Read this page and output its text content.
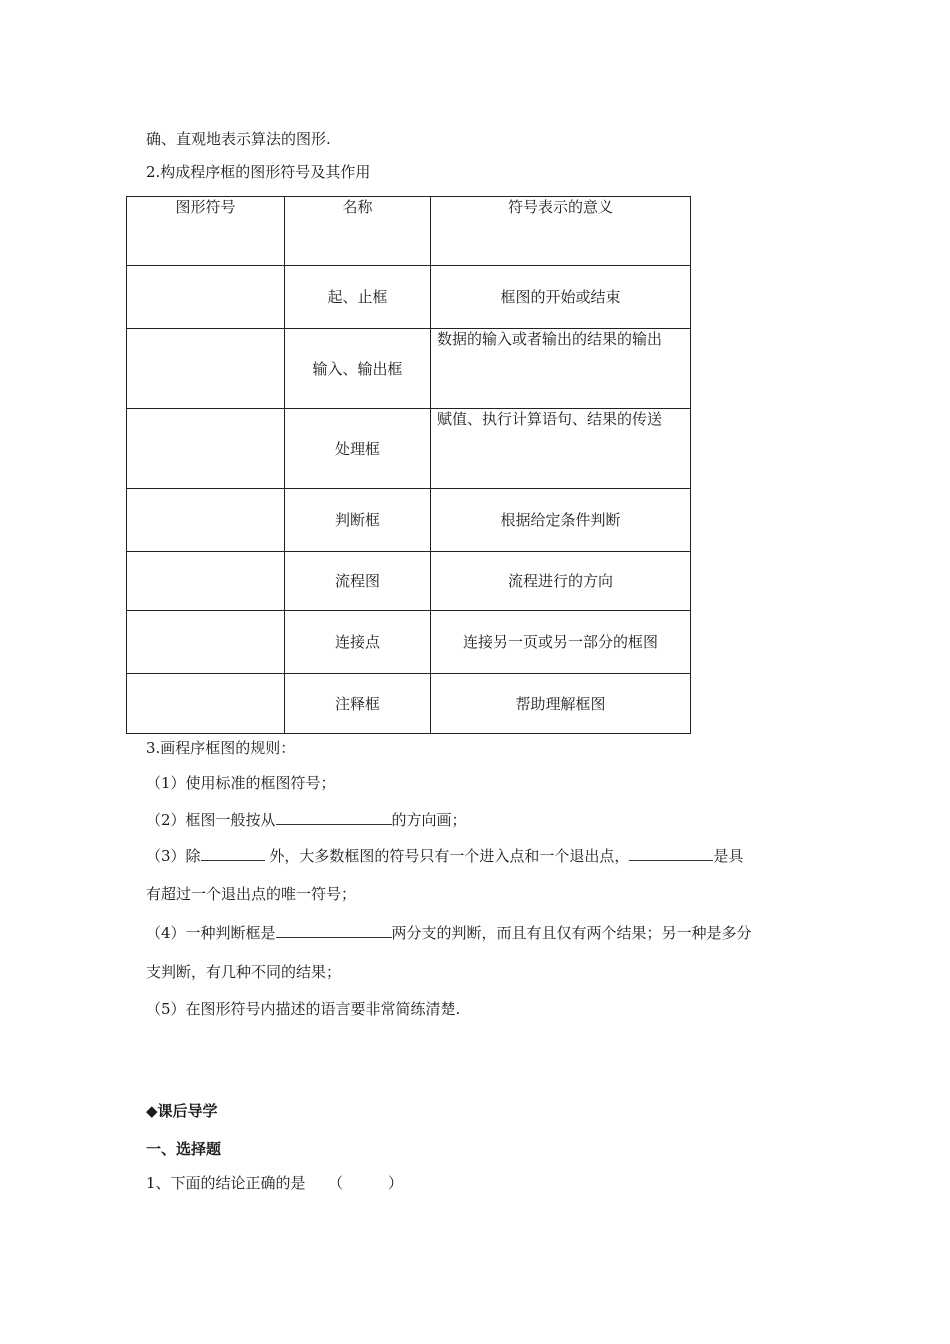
确、直观地表示算法的图形.
2.构成程序框的图形符号及其作用
图形符号	名称	符号表示的意义
	起、止框	框图的开始或结束
	输入、输出框	数据的输入或者输出的结果的输出
	处理框	赋值、执行计算语句、结果的传送
	判断框	根据给定条件判断
	流程图	流程进行的方向
	连接点	连接另一页或另一部分的框图
	注释框	帮助理解框图
3.画程序框图的规则：
（1）使用标准的框图符号；
（2）框图一般按从	的方向画；
（3）除	外，大多数框图的符号只有一个进入点和一个退出点，	是具
有超过一个退出点的唯一符号；
（4）一种判断框是	两分支的判断，而且有且仅有两个结果；另一种是多分
支判断，有几种不同的结果；
（5）在图形符号内描述的语言要非常简练清楚.
◆课后导学
一、选择题
1、下面的结论正确的是　　（　　　）
